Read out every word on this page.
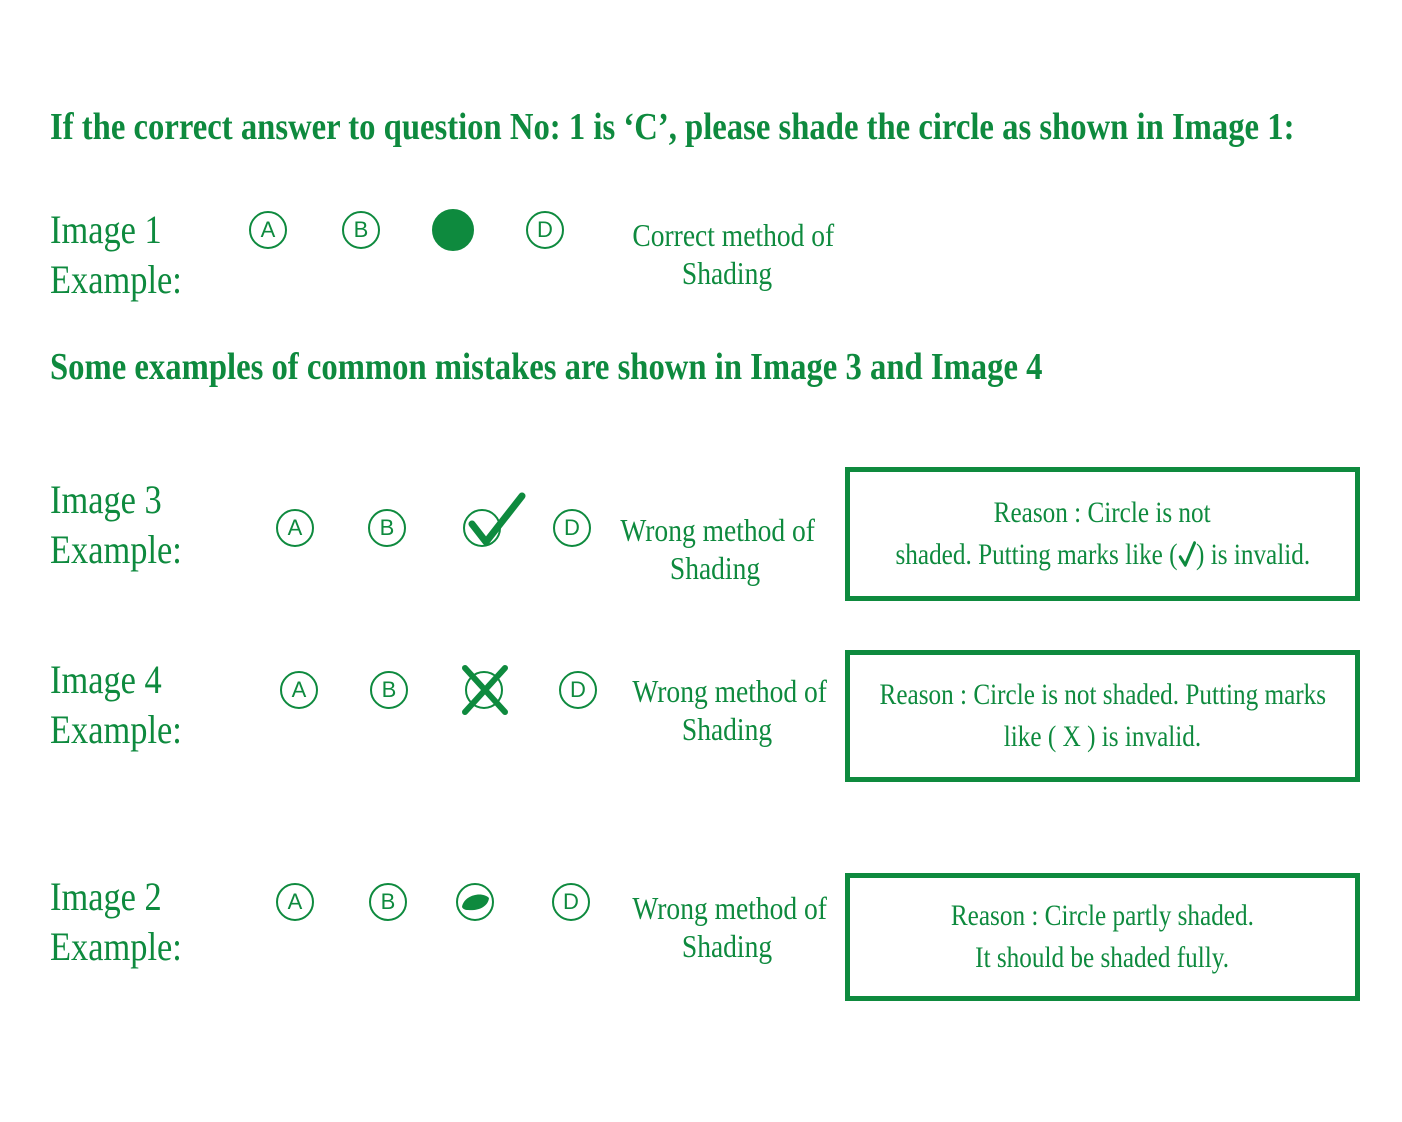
If the correct answer to question No: 1 is ‘C’, please shade the circle as shown in Image 1:
Some examples of common mistakes are shown in Image 3 and Image 4
Image 1
Example:
A	B	D	Correct method of
Shading
Image 3
Example:	A	B	D	Wrong method of
Shading
Reason : Circle is not
shaded. Putting marks like ( ) is invalid.
Image 4
Example:
A	B	D	Wrong method of
Shading
Reason : Circle is not shaded. Putting marks
like ( X ) is invalid.
Image 2
Example:
A	B	D	Wrong method of
Shading
Reason : Circle partly shaded.
It should be shaded fully.
